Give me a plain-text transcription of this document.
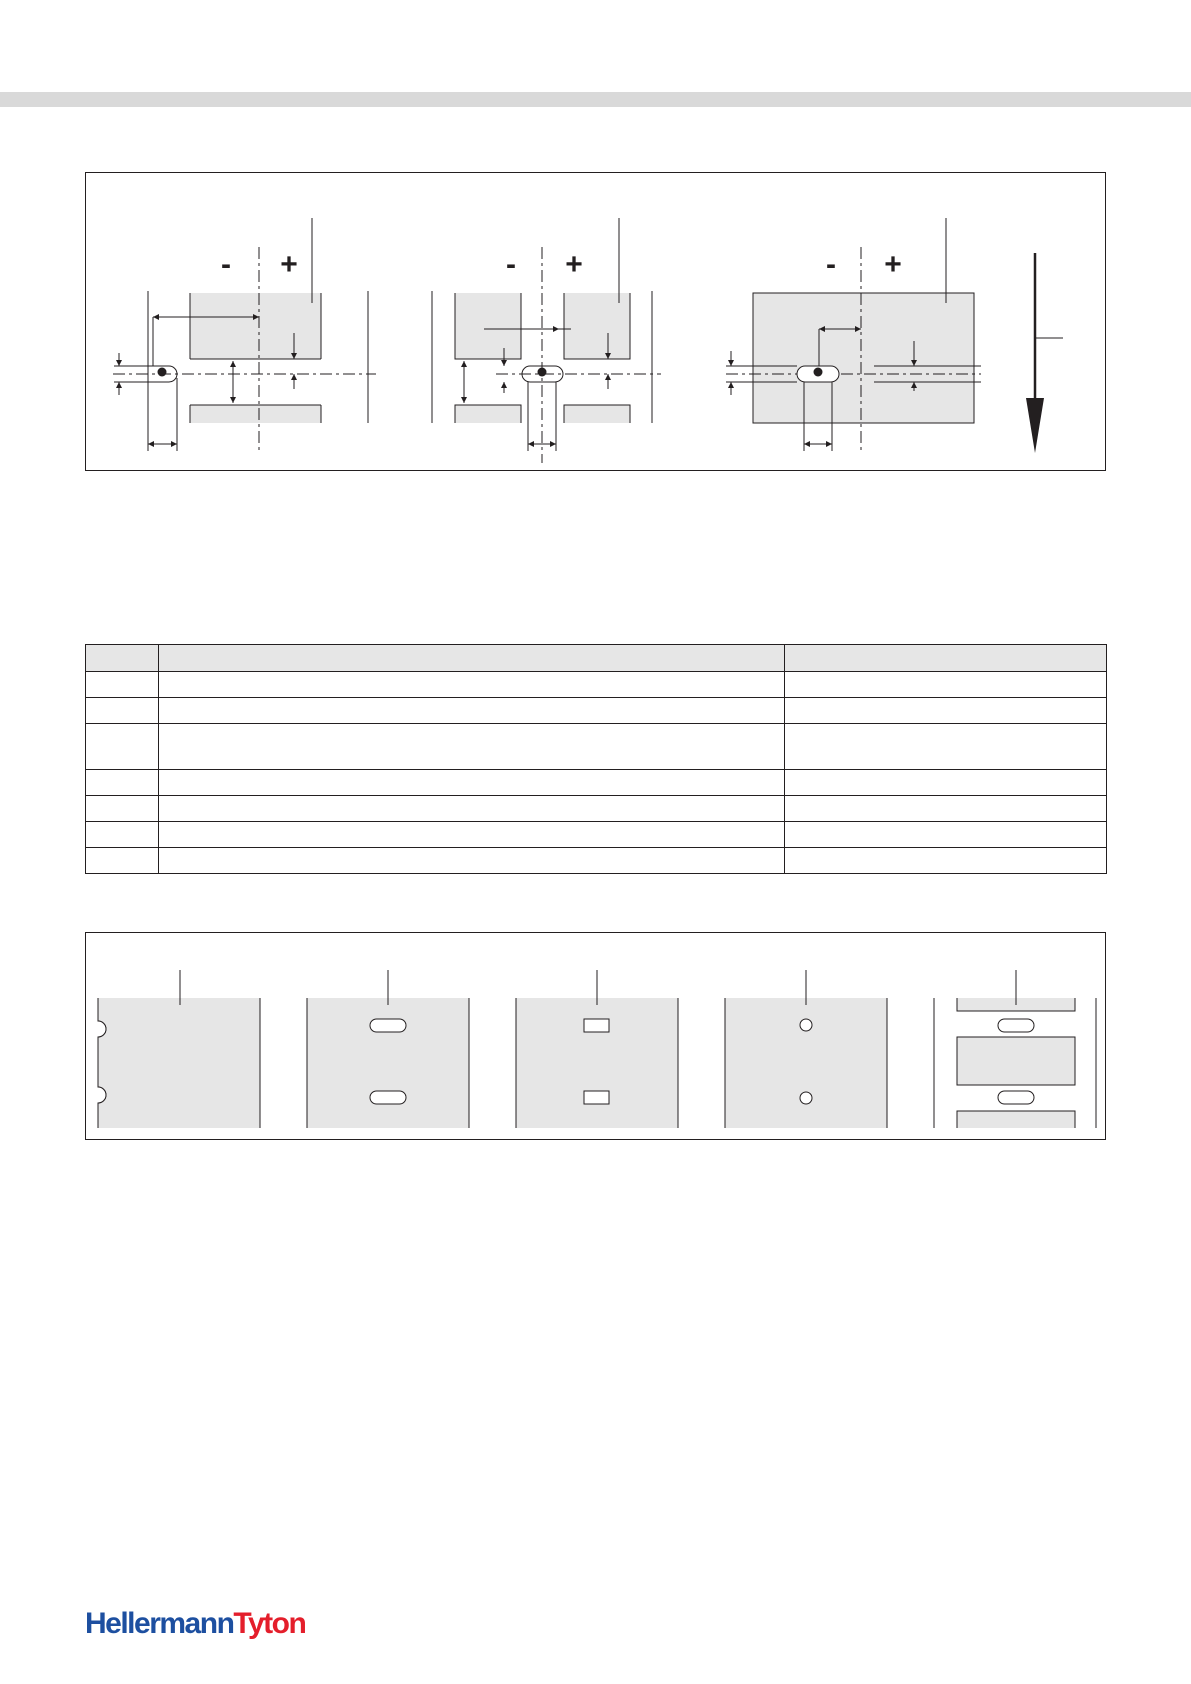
- +	- +	- +

HellermannTyton
